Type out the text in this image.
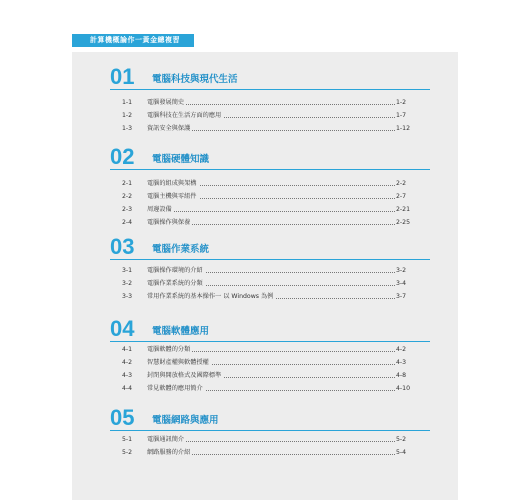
計算機概論作一黃金總複習
01 電腦科技與現代生活
1-1	電腦發展簡史	1-2
1-2	電腦科技在生活方面的應用	1-7
1-3	資訊安全與保護	1-12
02 電腦硬體知識
2-1	電腦的組成與架構	2-2
2-2	電腦主機與零組件	2-7
2-3	周邊設備	2-21
2-4	電腦操作與保養	2-25
03 電腦作業系統
3-1	電腦操作環境的介紹	3-2
3-2	電腦作業系統的分類	3-4
3-3	常用作業系統的基本操作一 以 Windows 為例	3-7
04 電腦軟體應用
4-1	電腦軟體的分類	4-2
4-2	智慧財產權與軟體授權	4-3
4-3	封閉與開放格式及國際標準	4-8
4-4	常見軟體的應用簡介	4-10
05 電腦網路與應用
5-1	電腦通訊簡介	5-2
5-2	網路服務的介紹	5-4
